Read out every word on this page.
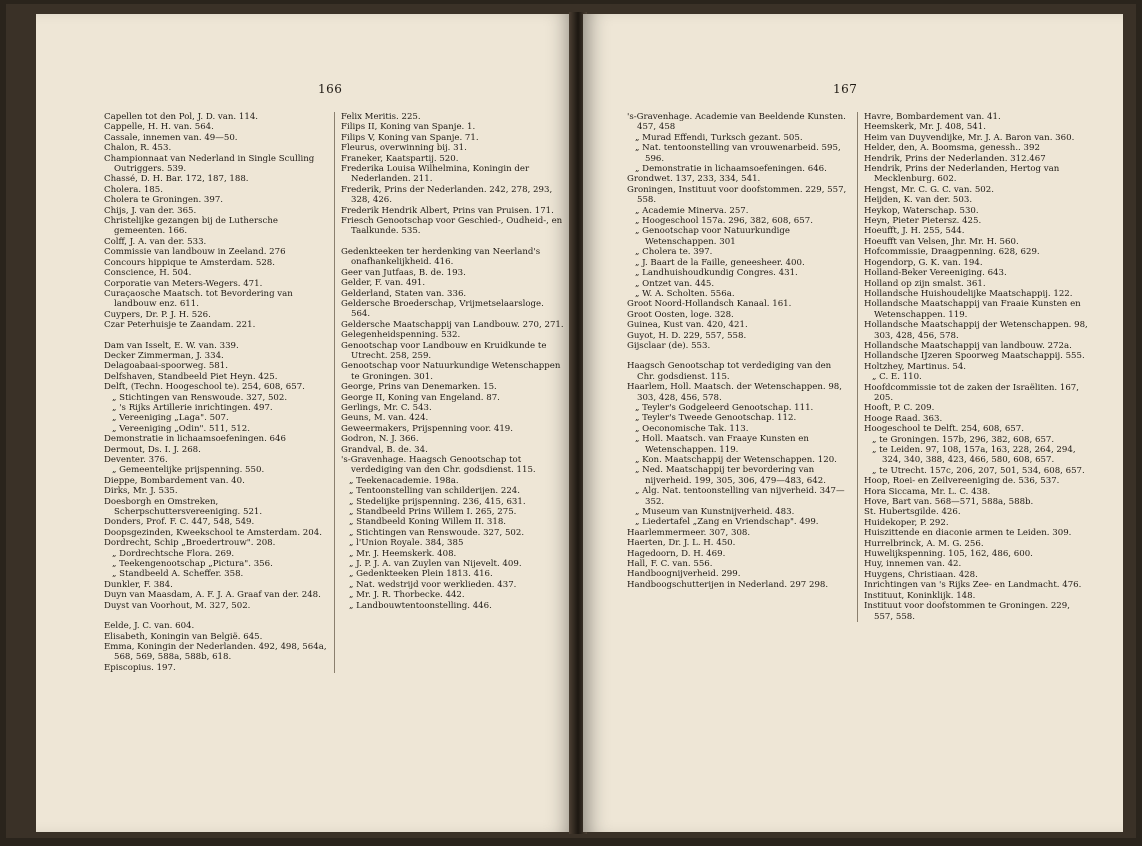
166
Capellen tot den Pol, J. D. van. 114.
Cappelle, H. H. van. 564.
Cassale, innemen van. 49—50.
Chalon, R. 453.
Championnaat van Nederland in Single Sculling Outriggers. 539.
Chassé, D. H. Bar. 172, 187, 188.
Cholera. 185.
Cholera te Groningen. 397.
Chijs, J. van der. 365.
Christelijke gezangen bij de Luthersche gemeenten. 166.
Colff, J. A. van der. 533.
Commissie van landbouw in Zeeland. 276
Concours hippique te Amsterdam. 528.
Conscience, H. 504.
Corporatie van Meters-Wegers. 471.
Curaçaosche Maatsch. tot Bevordering van landbouw enz. 611.
Cuypers, Dr. P. J. H. 526.
Czar Peterhuisje te Zaandam. 221.
Dam van Isselt, E. W. van. 339.
Decker Zimmerman, J. 334.
Delagoabaai-spoorweg. 581.
Delfshaven, Standbeeld Piet Heyn. 425.
Delft, (Techn. Hoogeschool te). 254, 608, 657.
„ Stichtingen van Renswoude. 327, 502.
„ 's Rijks Artillerie inrichtingen. 497.
„ Vereeniging „Laga". 507.
„ Vereeniging „Odin". 511, 512.
Demonstratie in lichaamsoefeningen. 646
Dermout, Ds. I. J. 268.
Deventer. 376.
„ Gemeentelijke prijspenning. 550.
Dieppe, Bombardement van. 40.
Dirks, Mr. J. 535.
Doesborgh en Omstreken, Scherpschuttersvereeniging. 521.
Donders, Prof. F. C. 447, 548, 549.
Doopsgezinden, Kweekschool te Amsterdam. 204.
Dordrecht, Schip „Broedertrouw". 208.
„ Dordrechtsche Flora. 269.
„ Teekengenootschap „Pictura". 356.
„ Standbeeld A. Scheffer. 358.
Dunkler, F. 384.
Duyn van Maasdam, A. F. J. A. Graaf van der. 248.
Duyst van Voorhout, M. 327, 502.
Eelde, J. C. van. 604.
Elisabeth, Koningin van België. 645.
Emma, Koningin der Nederlanden. 492, 498, 564a, 568, 569, 588a, 588b, 618.
Episcopius. 197.
Felix Meritis. 225.
Filips II, Koning van Spanje. 1.
Filips V, Koning van Spanje. 71.
Fleurus, overwinning bij. 31.
Franeker, Kaatspartij. 520.
Frederika Louisa Wilhelmina, Koningin der Nederlanden. 211.
Frederik, Prins der Nederlanden. 242, 278, 293, 328, 426.
Frederik Hendrik Albert, Prins van Pruisen. 171.
Friesch Genootschap voor Geschied-, Oudheid-, en Taalkunde. 535.
Gedenkteeken ter herdenking van Neerland's onafhankelijkheid. 416.
Geer van Jutfaas, B. de. 193.
Gelder, F. van. 491.
Gelderland, Staten van. 336.
Geldersche Broederschap, Vrijmetselaarsloge. 564.
Geldersche Maatschappij van Landbouw. 270, 271.
Gelegenheidspenning. 532.
Genootschap voor Landbouw en Kruidkunde te Utrecht. 258, 259.
Genootschap voor Natuurkundige Wetenschappen te Groningen. 301.
George, Prins van Denemarken. 15.
George II, Koning van Engeland. 87.
Gerlings, Mr. C. 543.
Geuns, M. van. 424.
Geweermakers, Prijspenning voor. 419.
Godron, N. J. 366.
Grandval, B. de. 34.
's-Gravenhage. Haagsch Genootschap tot verdediging van den Chr. godsdienst. 115.
„ Teekenacademie. 198a.
„ Tentoonstelling van schilderijen. 224.
„ Stedelijke prijspenning. 236, 415, 631.
„ Standbeeld Prins Willem I. 265, 275.
„ Standbeeld Koning Willem II. 318.
„ Stichtingen van Renswoude. 327, 502.
„ l'Union Royale. 384, 385
„ Mr. J. Heemskerk. 408.
„ J. P. J. A. van Zuylen van Nijevelt. 409.
„ Gedenkteeken Plein 1813. 416.
„ Nat. wedstrijd voor werklieden. 437.
„ Mr. J. R. Thorbecke. 442.
„ Landbouwtentoonstelling. 446.
167
's-Gravenhage. Academie van Beeldende Kunsten. 457, 458
„ Murad Effendi, Turksch gezant. 505.
„ Nat. tentoonstelling van vrouwenarbeid. 595, 596.
„ Demonstratie in lichaamsoefeningen. 646.
Grondwet. 137, 233, 334, 541.
Groningen, Instituut voor doofstommen. 229, 557, 558.
„ Academie Minerva. 257.
„ Hoogeschool 157a. 296, 382, 608, 657.
„ Genootschap voor Natuurkundige Wetenschappen. 301
„ Cholera te. 397.
„ J. Baart de la Faille, geneesheer. 400.
„ Landhuishoudkundig Congres. 431.
„ Ontzet van. 445.
„ W. A. Scholten. 556a.
Groot Noord-Hollandsch Kanaal. 161.
Groot Oosten, loge. 328.
Guinea, Kust van. 420, 421.
Guyot, H. D. 229, 557, 558.
Gijsclaar (de). 553.
Haagsch Genootschap tot verdediging van den Chr. godsdienst. 115.
Haarlem, Holl. Maatsch. der Wetenschappen. 98, 303, 428, 456, 578.
„ Teyler's Godgeleerd Genootschap. 111.
„ Teyler's Tweede Genootschap. 112.
„ Oeconomische Tak. 113.
„ Holl. Maatsch. van Fraaye Kunsten en Wetenschappen. 119.
„ Kon. Maatschappij der Wetenschappen. 120.
„ Ned. Maatschappij ter bevordering van nijverheid. 199, 305, 306, 479—483, 642.
„ Alg. Nat. tentoonstelling van nijverheid. 347—352.
„ Museum van Kunstnijverheid. 483.
„ Liedertafel „Zang en Vriendschap". 499.
Haarlemmermeer. 307, 308.
Haerten, Dr. J. L. H. 450.
Hagedoorn, D. H. 469.
Hall, F. C. van. 556.
Handboognijverheid. 299.
Handboogschutterijen in Nederland. 297 298.
Havre, Bombardement van. 41.
Heemskerk, Mr. J. 408, 541.
Heim van Duyvendijke, Mr. J. A. Baron van. 360.
Helder, den, A. Boomsma, genessh.. 392
Hendrik, Prins der Nederlanden. 312.467
Hendrik, Prins der Nederlanden, Hertog van Mecklenburg. 602.
Hengst, Mr. C. G. C. van. 502.
Heijden, K. van der. 503.
Heykop, Waterschap. 530.
Heyn, Pieter Pietersz. 425.
Hoeufft, J. H. 255, 544.
Hoeufft van Velsen, Jhr. Mr. H. 560.
Hofcommissie, Draagpenning. 628, 629.
Hogendorp, G. K. van. 194.
Holland-Beker Vereeniging. 643.
Holland op zijn smalst. 361.
Hollandsche Huishoudelijke Maatschappij. 122.
Hollandsche Maatschappij van Fraaie Kunsten en Wetenschappen. 119.
Hollandsche Maatschappij der Wetenschappen. 98, 303, 428, 456, 578.
Hollandsche Maatschappij van landbouw. 272a.
Hollandsche IJzeren Spoorweg Maatschappij. 555.
Holtzhey, Martinus. 54.
„ C. E. 110.
Hoofdcommissie tot de zaken der Israëliten. 167, 205.
Hooft, P. C. 209.
Hooge Raad. 363.
Hoogeschool te Delft. 254, 608, 657.
„ te Groningen. 157b, 296, 382, 608, 657.
„ te Leiden. 97, 108, 157a, 163, 228, 264, 294, 324, 340, 388, 423, 466, 580, 608, 657.
„ te Utrecht. 157c, 206, 207, 501, 534, 608, 657.
Hoop, Roei- en Zeilvereeniging de. 536, 537.
Hora Siccama, Mr. L. C. 438.
Hove, Bart van. 568—571, 588a, 588b.
St. Hubertsgilde. 426.
Huidekoper, P. 292.
Huiszittende en diaconie armen te Leiden. 309.
Hurrelbrinck, A. M. G. 256.
Huwelijkspenning. 105, 162, 486, 600.
Huy, innemen van. 42.
Huygens, Christiaan. 428.
Inrichtingen van 's Rijks Zee- en Landmacht. 476.
Instituut, Koninklijk. 148.
Instituut voor doofstommen te Groningen. 229, 557, 558.
